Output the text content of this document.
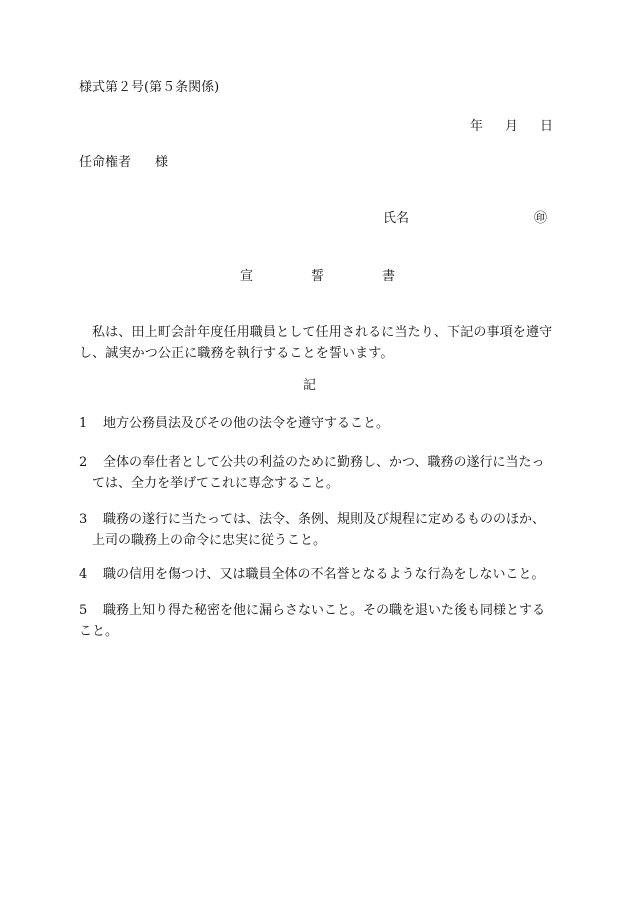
様式第２号(第５条関係)
年 月 日
任命権者 様
氏名	㊞
宣	誓	書
私は、田上町会計年度任用職員として任用されるに当たり、下記の事項を遵守し、誠実かつ公正に職務を執行することを誓います。
記
1 地方公務員法及びその他の法令を遵守すること。
2 全体の奉仕者として公共の利益のために勤務し、かつ、職務の遂行に当たっては、全力を挙げてこれに専念すること。
3 職務の遂行に当たっては、法令、条例、規則及び規程に定めるもののほか、上司の職務上の命令に忠実に従うこと。
4 職の信用を傷つけ、又は職員全体の不名誉となるような行為をしないこと。
5 職務上知り得た秘密を他に漏らさないこと。その職を退いた後も同様とすること。
